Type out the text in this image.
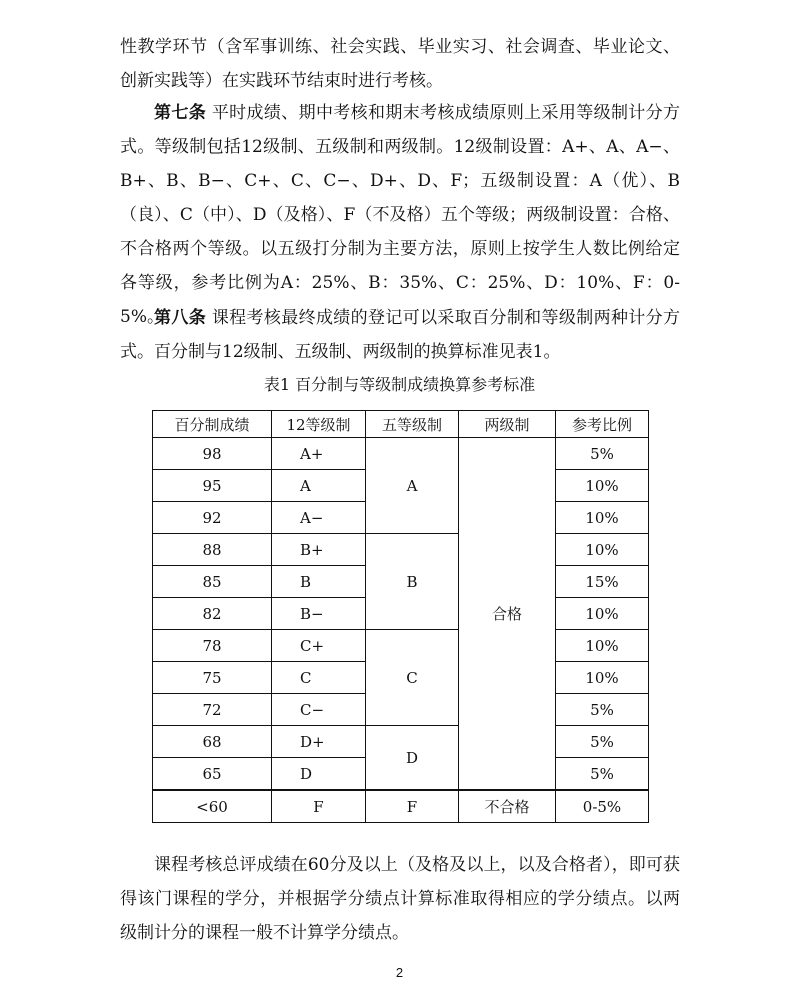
性教学环节（含军事训练、社会实践、毕业实习、社会调查、毕业论文、创新实践等）在实践环节结束时进行考核。

第七条 平时成绩、期中考核和期末考核成绩原则上采用等级制计分方式。等级制包括12级制、五级制和两级制。12级制设置：A+、A、A−、B+、B、B−、C+、C、C−、D+、D、F；五级制设置：A（优）、B（良）、C（中）、D（及格）、F（不及格）五个等级；两级制设置：合格、不合格两个等级。以五级打分制为主要方法，原则上按学生人数比例给定各等级，参考比例为A：25%、B：35%、C：25%、D：10%、F：0-5%。

第八条 课程考核最终成绩的登记可以采取百分制和等级制两种计分方式。百分制与12级制、五级制、两级制的换算标准见表1。

表1 百分制与等级制成绩换算参考标准

百分制成绩	12等级制	五等级制	两级制	参考比例
98	A+	A	合格	5%
95	A			10%
92	A−			10%
88	B+	B		10%
85	B			15%
82	B−			10%
78	C+	C		10%
75	C			10%
72	C−			5%
68	D+	D		5%
65	D			5%
<60	F	F	不合格	0-5%

课程考核总评成绩在60分及以上（及格及以上，以及合格者），即可获得该门课程的学分，并根据学分绩点计算标准取得相应的学分绩点。以两级制计分的课程一般不计算学分绩点。

2
